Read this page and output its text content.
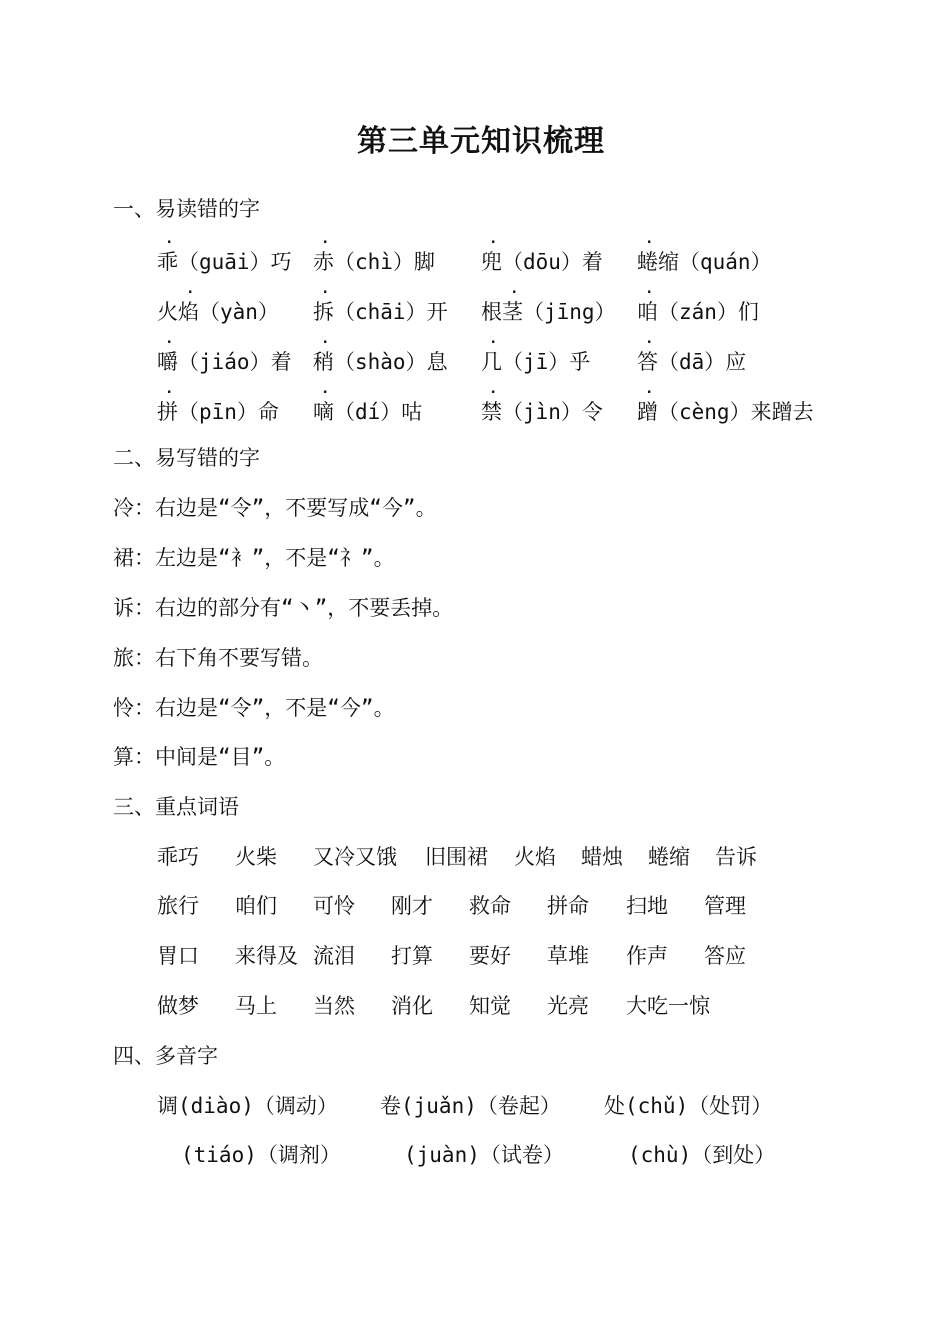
第三单元知识梳理
一、易读错的字
.
乖（guāi）巧
.
赤（chì）脚
.
兜（dōu）着
.
蜷缩（quán）
.
火焰（yàn）
.
拆（chāi）开
.
根茎（jīng）
.
咱（zán）们
.
嚼（jiáo）着
.
稍（shào）息
.
几（jī）乎
.
答（dā）应
.
拼（pīn）命
.
嘀（dí）咕
.
禁（jìn）令
.
蹭（cèng）来蹭去
二、易写错的字
冷：右边是“令”，不要写成“今”。
裙：左边是“衤”，不是“礻”。
诉：右边的部分有“丶”，不要丢掉。
旅：右下角不要写错。
怜：右边是“令”，不是“今”。
算：中间是“目”。
三、重点词语
乖巧 火柴 又冷又饿 旧围裙 火焰 蜡烛 蜷缩 告诉
旅行 咱们 可怜 刚才 救命 拼命 扫地 管理
胃口 来得及 流泪 打算 要好 草堆 作声 答应
做梦 马上 当然 消化 知觉 光亮 大吃一惊
四、多音字
调(diào)（调动） 卷(juǎn)（卷起） 处(chǔ)（处罚）
(tiáo)（调剂）	(juàn)（试卷）	(chù)（到处）
